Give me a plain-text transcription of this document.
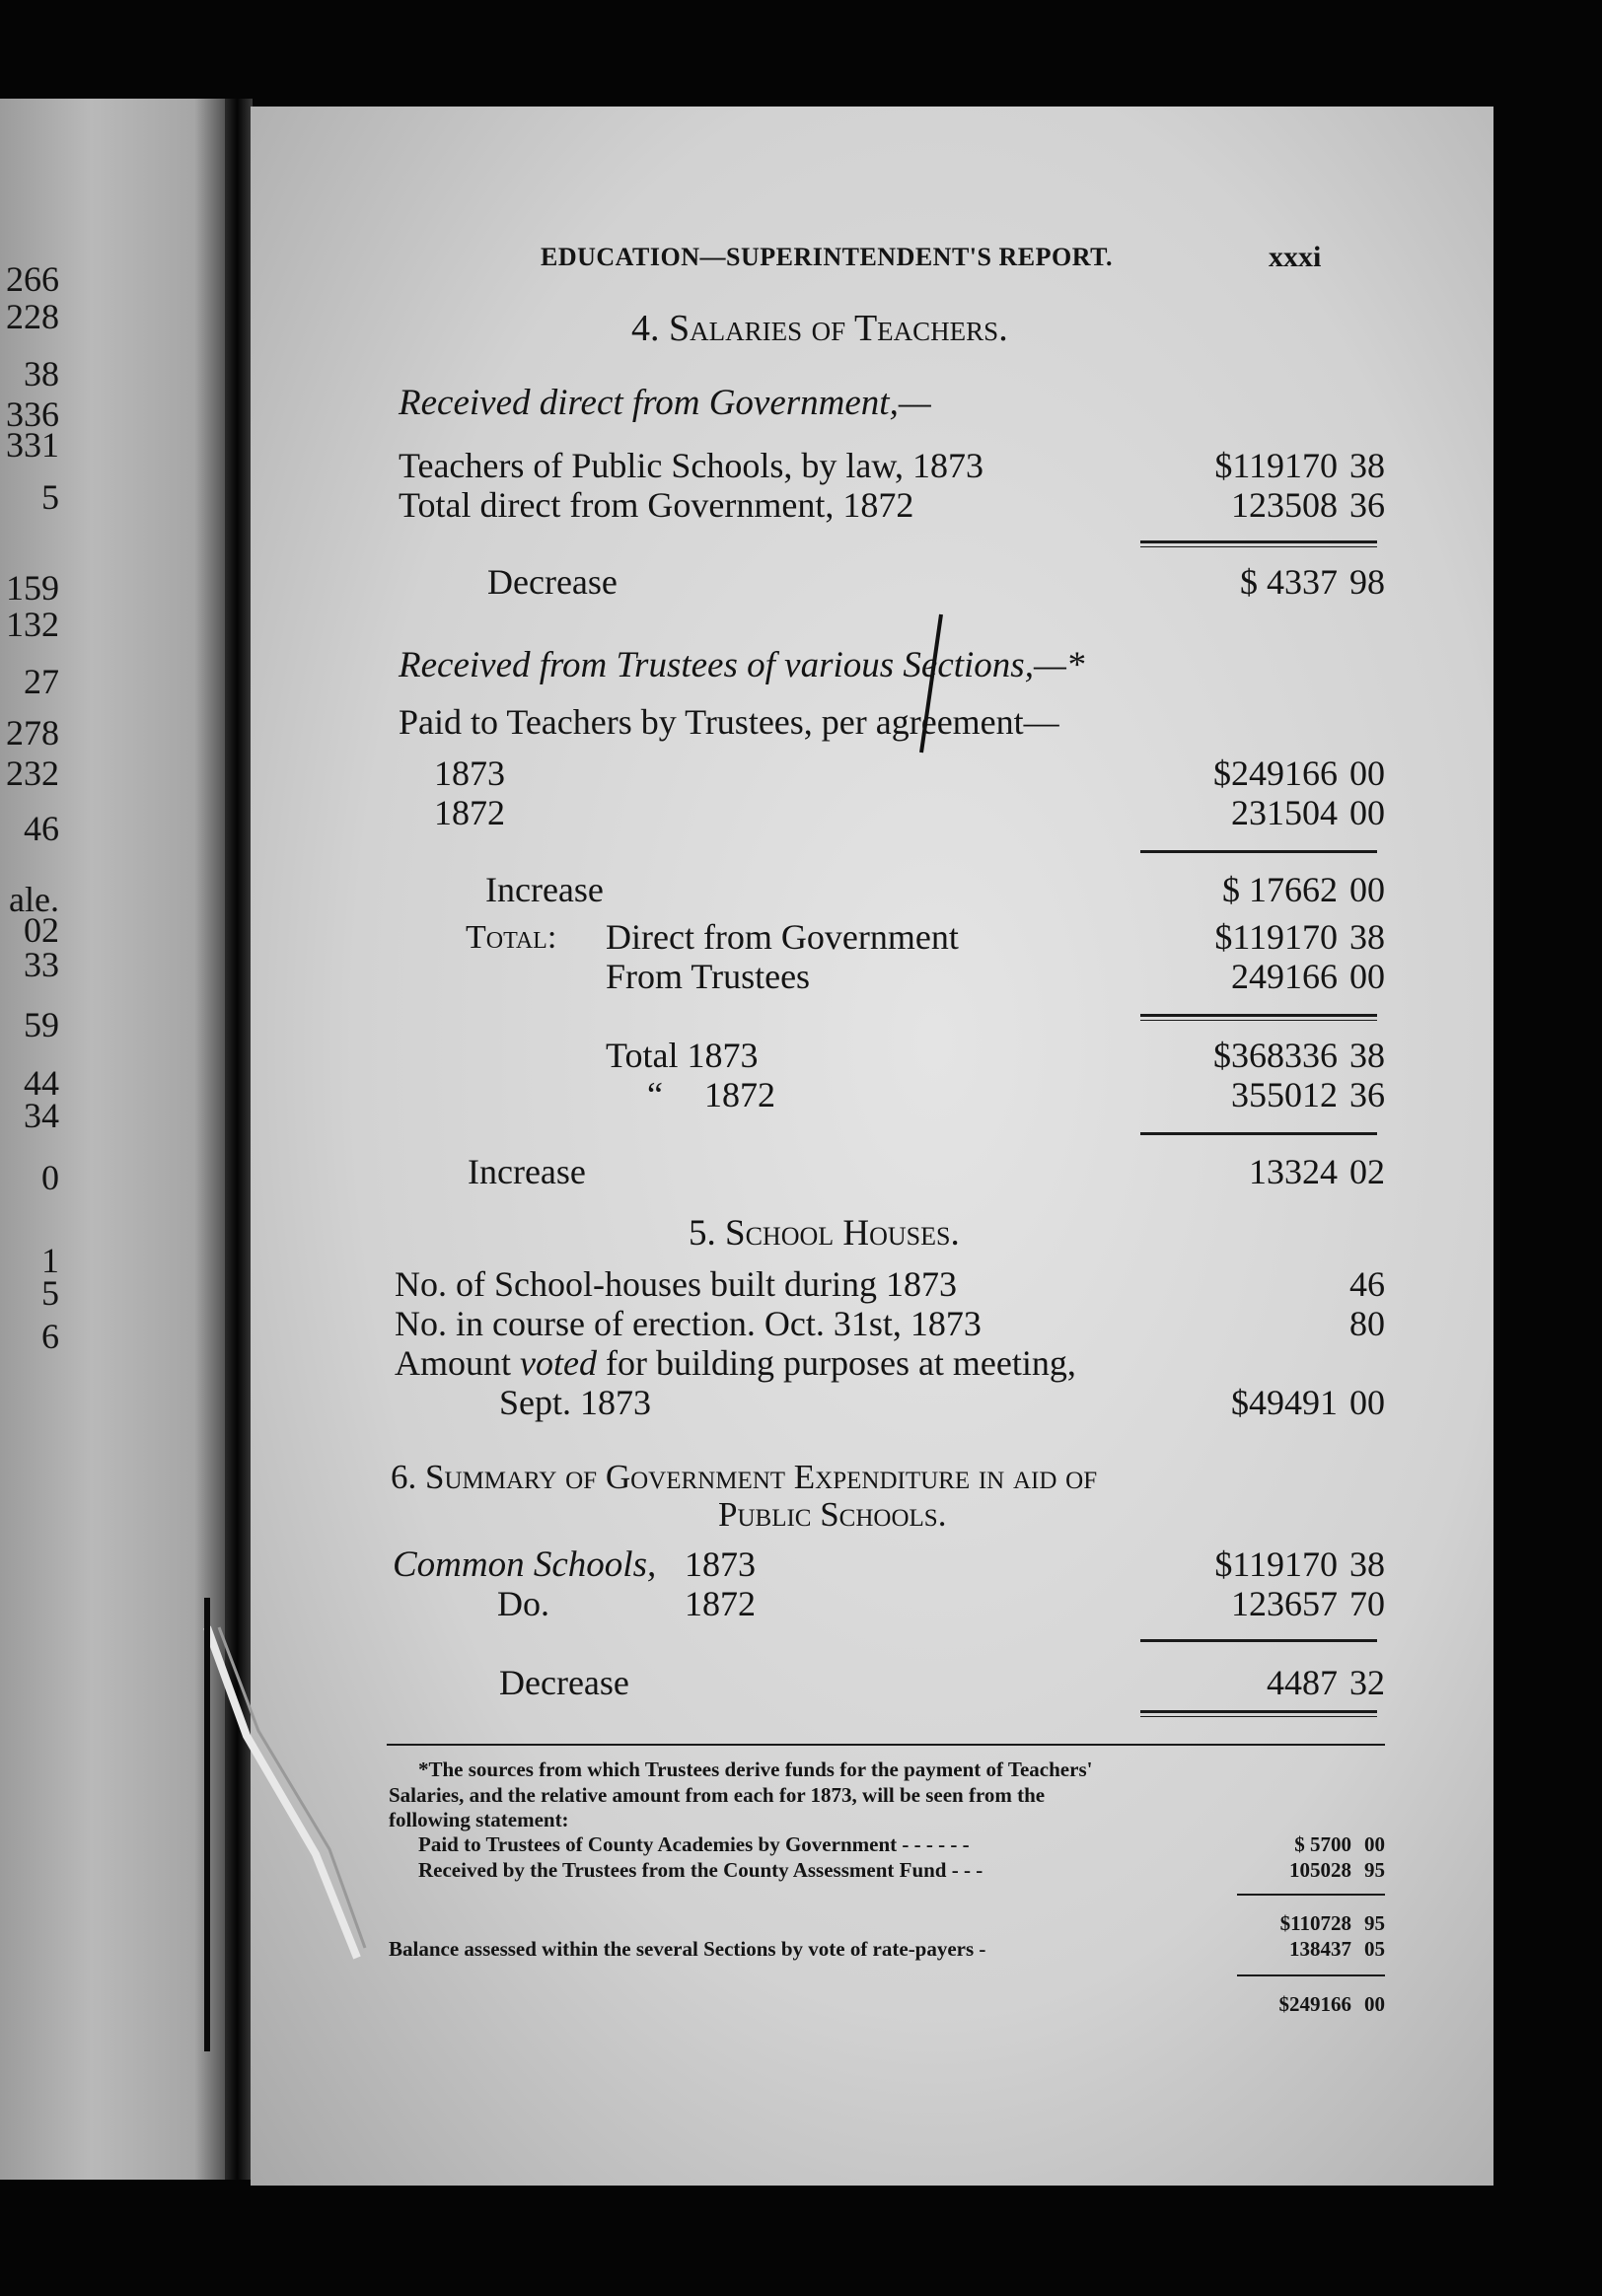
266
228
38
336
331
5
159
132
27
278
232
46
ale.
02
33
59
44
34
0
1
5
6
EDUCATION—SUPERINTENDENT'S REPORT.	xxxi
4. Salaries of Teachers.
Received direct from Government,—
Teachers of Public Schools, by law, 1873	$119170 38
Total direct from Government, 1872	123508 36
Decrease	$ 4337 98
Received from Trustees of various Sections,—*
Paid to Teachers by Trustees, per agreement—
1873	$249166 00
1872	231504 00
Increase	$ 17662 00
Total: Direct from Government	$119170 38
From Trustees	249166 00
Total 1873	$368336 38
“ 1872	355012 36
Increase	13324 02
5. School Houses.
No. of School-houses built during 1873	46
No. in course of erection. Oct. 31st, 1873	80
Amount voted for building purposes at meeting,
Sept. 1873	$49491 00
6. Summary of Government Expenditure in aid of
Public Schools.
Common Schools, 1873	$119170 38
Do.	1872	123657 70
Decrease	4487 32
*The sources from which Trustees derive funds for the payment of Teachers'
Salaries, and the relative amount from each for 1873, will be seen from the
following statement:
Paid to Trustees of County Academies by Government - - - - - -	$ 5700 00
Received by the Trustees from the County Assessment Fund - - -	105028 95
$110728 95
Balance assessed within the several Sections by vote of rate-payers -	138437 05
$249166 00
